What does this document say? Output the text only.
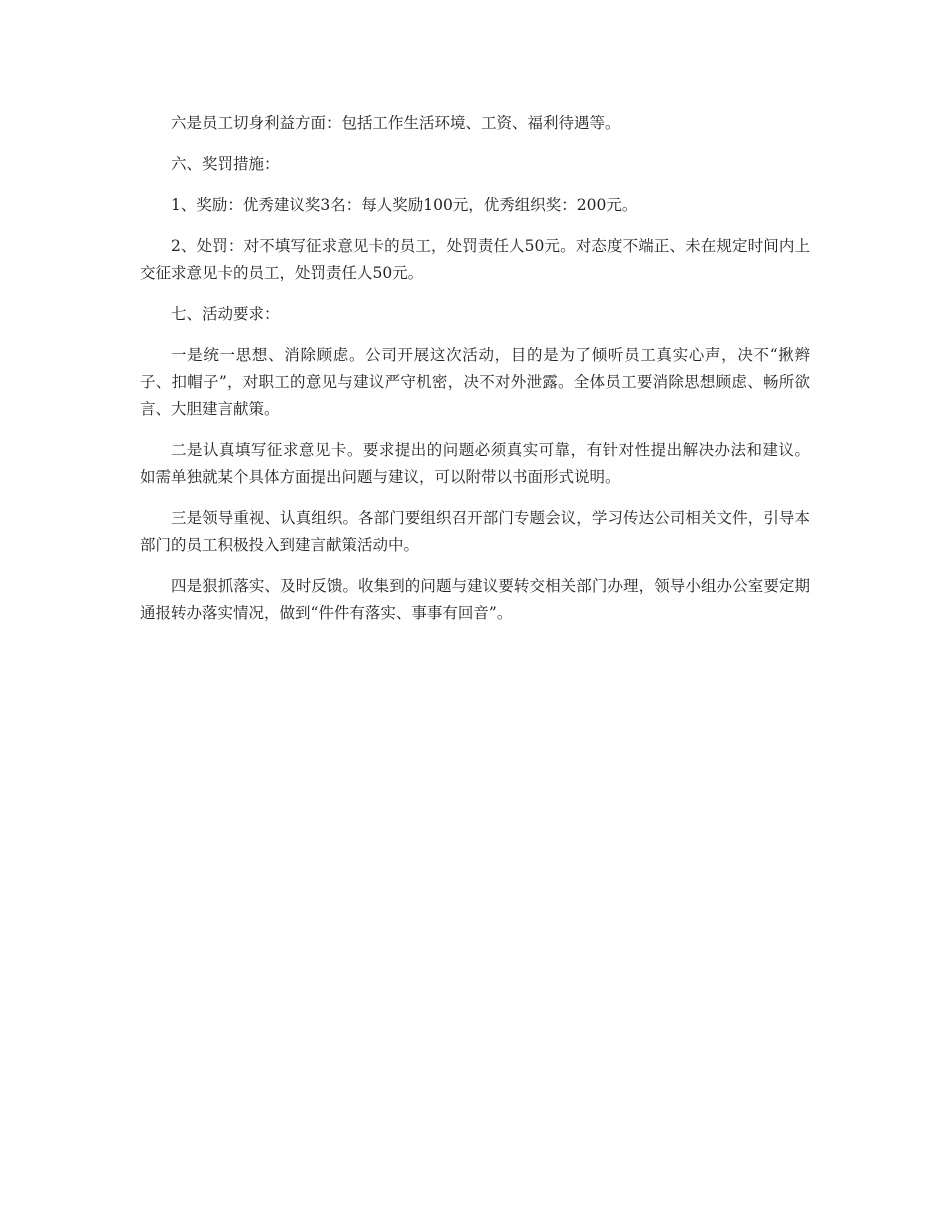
六是员工切身利益方面：包括工作生活环境、工资、福利待遇等。

六、奖罚措施：

1、奖励：优秀建议奖3名：每人奖励100元，优秀组织奖：200元。

2、处罚：对不填写征求意见卡的员工，处罚责任人50元。对态度不端正、未在规定时间内上交征求意见卡的员工，处罚责任人50元。

七、活动要求：

一是统一思想、消除顾虑。公司开展这次活动，目的是为了倾听员工真实心声，决不“揪辫子、扣帽子”，对职工的意见与建议严守机密，决不对外泄露。全体员工要消除思想顾虑、畅所欲言、大胆建言献策。

二是认真填写征求意见卡。要求提出的问题必须真实可靠，有针对性提出解决办法和建议。 如需单独就某个具体方面提出问题与建议，可以附带以书面形式说明。

三是领导重视、认真组织。各部门要组织召开部门专题会议，学习传达公司相关文件，引导本部门的员工积极投入到建言献策活动中。

四是狠抓落实、及时反馈。收集到的问题与建议要转交相关部门办理，领导小组办公室要定期通报转办落实情况，做到“件件有落实、事事有回音”。
